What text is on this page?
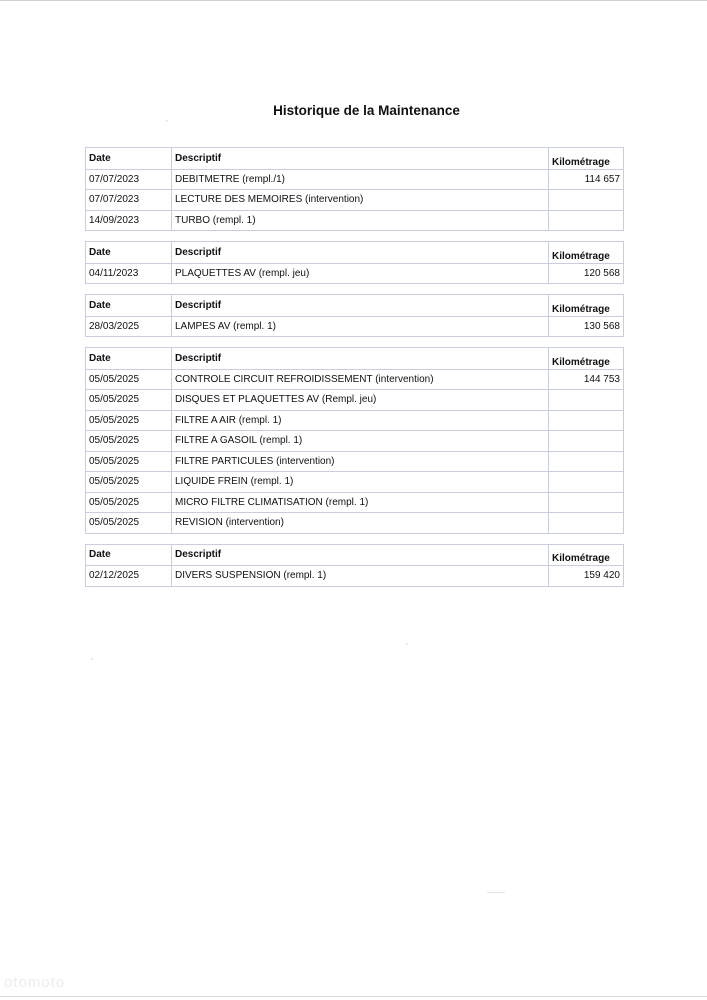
Historique de la Maintenance
Date	Descriptif	Kilométrage
07/07/2023	DEBITMETRE (rempl./1)	114 657
07/07/2023	LECTURE DES MEMOIRES (intervention)	
14/09/2023	TURBO (rempl. 1)	
Date	Descriptif	Kilométrage
04/11/2023	PLAQUETTES AV (rempl. jeu)	120 568
Date	Descriptif	Kilométrage
28/03/2025	LAMPES AV (rempl. 1)	130 568
Date	Descriptif	Kilométrage
05/05/2025	CONTROLE CIRCUIT REFROIDISSEMENT (intervention)	144 753
05/05/2025	DISQUES ET PLAQUETTES AV (Rempl. jeu)	
05/05/2025	FILTRE A AIR (rempl. 1)	
05/05/2025	FILTRE A GASOIL (rempl. 1)	
05/05/2025	FILTRE PARTICULES (intervention)	
05/05/2025	LIQUIDE FREIN (rempl. 1)	
05/05/2025	MICRO FILTRE CLIMATISATION (rempl. 1)	
05/05/2025	REVISION (intervention)	
Date	Descriptif	Kilométrage
02/12/2025	DIVERS SUSPENSION (rempl. 1)	159 420
otomoto
